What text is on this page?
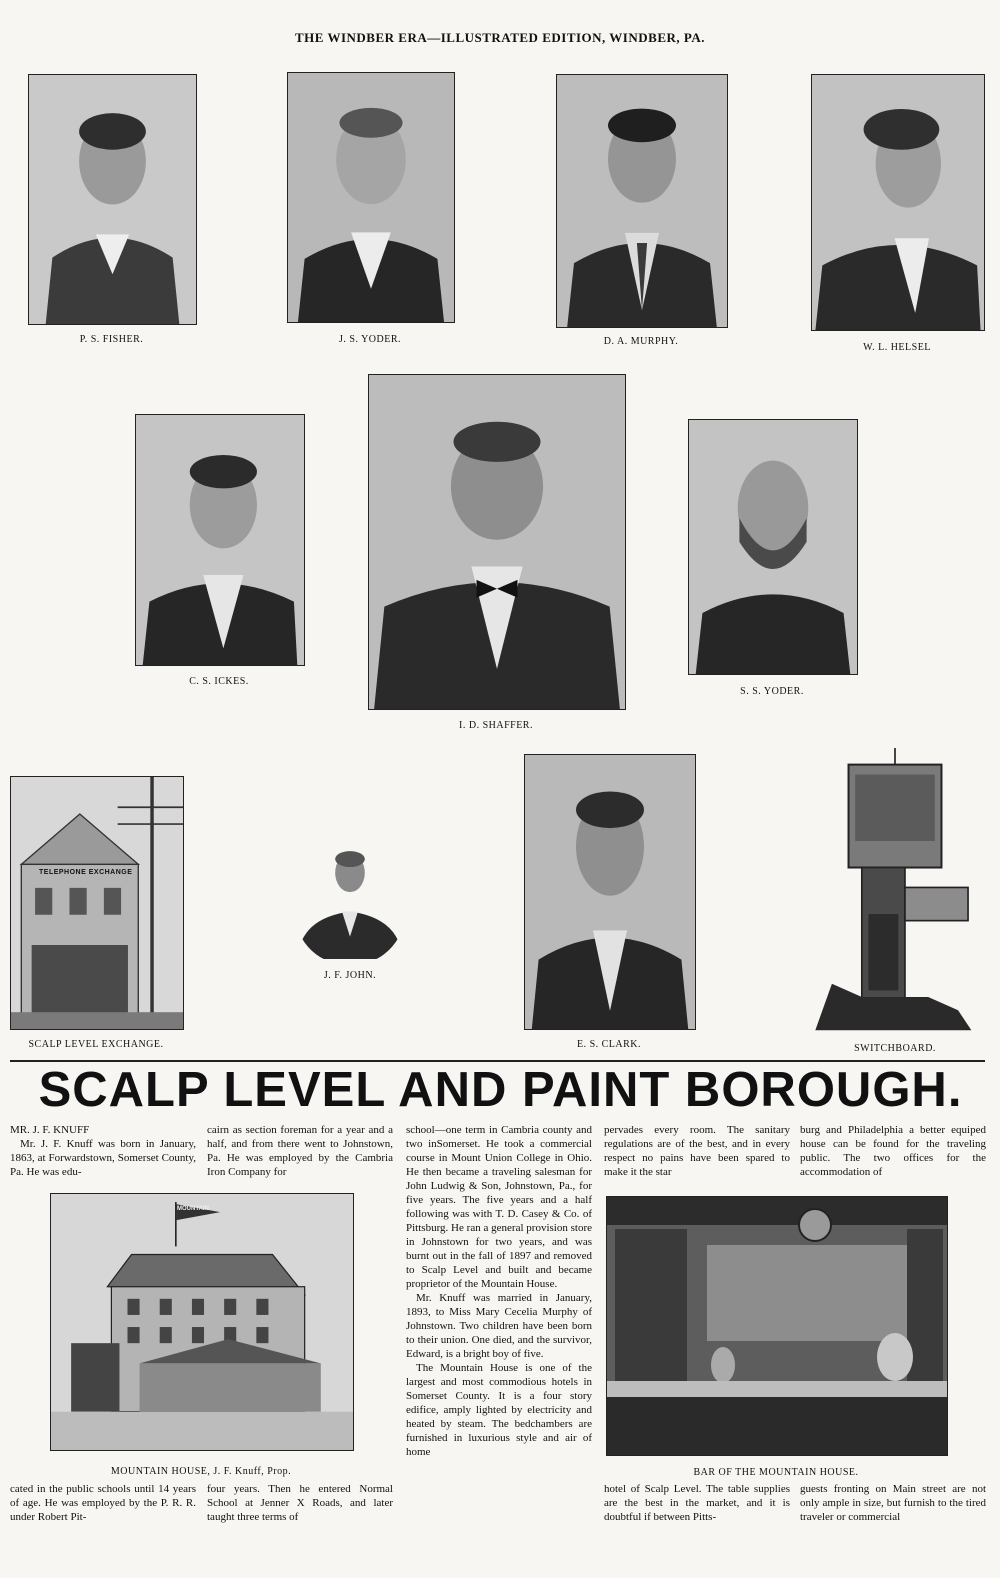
THE WINDBER ERA—ILLUSTRATED EDITION, WINDBER, PA.
P. S. FISHER.	J. S. YODER.	D. A. MURPHY.
W. L. HELSEL
C. S. ICKES.
I. D. SHAFFER.
S. S. YODER.
TELEPHONE EXCHANGE
SCALP LEVEL EXCHANGE.
J. F. JOHN.
E. S. CLARK.	SWITCHBOARD.
SCALP LEVEL AND PAINT BOROUGH.

MR. J. F. KNUFF

Mr. J. F. Knuff was born in January, 1863, at Forwardstown, Somerset County, Pa. He was edu-

cairn as section foreman for a year and a half, and from there went to Johnstown, Pa. He was employed by the Cambria Iron Company for

school—one term in Cambria county and two inSomerset. He took a commercial course in Mount Union College in Ohio. He then became a traveling salesman for John Ludwig & Son, Johnstown, Pa., for five years. The five years and a half following was with T. D. Casey & Co. of Pittsburg. He ran a general provision store in Johnstown for two years, and was burnt out in the fall of 1897 and removed to Scalp Level and built and became proprietor of the Mountain House.

Mr. Knuff was married in January, 1893, to Miss Mary Cecelia Murphy of Johnstown. Two children have been born to their union. One died, and the survivor, Edward, is a bright boy of five.

The Mountain House is one of the largest and most commodious hotels in Somerset County. It is a four story edifice, amply lighted by electricity and heated by steam. The bedchambers are furnished in luxurious style and air of home

pervades every room. The sanitary regulations are of the best, and in every respect no pains have been spared to make it the star

burg and Philadelphia a better equiped house can be found for the traveling public. The two offices for the accommodation of

MOUNTAIN
MOUNTAIN HOUSE, J. F. Knuff, Prop.	BAR OF THE MOUNTAIN HOUSE.

cated in the public schools until 14 years of age. He was employed by the P. R. R. under Robert Pit-

four years. Then he entered Normal School at Jenner X Roads, and later taught three terms of

hotel of Scalp Level. The table supplies are the best in the market, and it is doubtful if between Pitts-

guests fronting on Main street are not only ample in size, but furnish to the tired traveler or commercial
